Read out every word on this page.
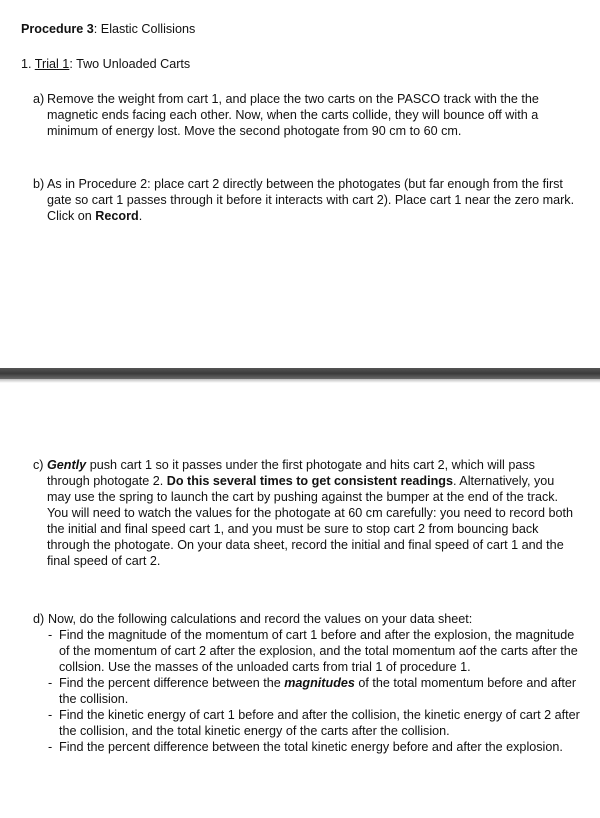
Procedure 3: Elastic Collisions
1. Trial 1: Two Unloaded Carts
a) Remove the weight from cart 1, and place the two carts on the PASCO track with the the magnetic ends facing each other. Now, when the carts collide, they will bounce off with a minimum of energy lost. Move the second photogate from 90 cm to 60 cm.
b) As in Procedure 2: place cart 2 directly between the photogates (but far enough from the first gate so cart 1 passes through it before it interacts with cart 2). Place cart 1 near the zero mark. Click on Record.
c) Gently push cart 1 so it passes under the first photogate and hits cart 2, which will pass through photogate 2. Do this several times to get consistent readings. Alternatively, you may use the spring to launch the cart by pushing against the bumper at the end of the track. You will need to watch the values for the photogate at 60 cm carefully: you need to record both the initial and final speed cart 1, and you must be sure to stop cart 2 from bouncing back through the photogate. On your data sheet, record the initial and final speed of cart 1 and the final speed of cart 2.
d) Now, do the following calculations and record the values on your data sheet:
- Find the magnitude of the momentum of cart 1 before and after the explosion, the magnitude of the momentum of cart 2 after the explosion, and the total momentum aof the carts after the collsion. Use the masses of the unloaded carts from trial 1 of procedure 1.
- Find the percent difference between the magnitudes of the total momentum before and after the collision.
- Find the kinetic energy of cart 1 before and after the collision, the kinetic energy of cart 2 after the collision, and the total kinetic energy of the carts after the collision.
- Find the percent difference between the total kinetic energy before and after the explosion.
